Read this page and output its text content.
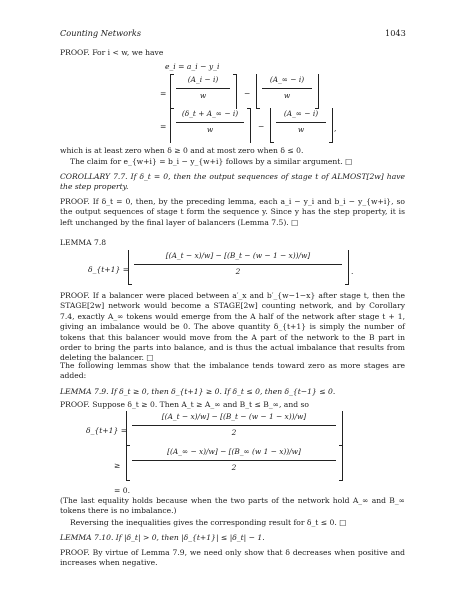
Counting Networks	1043
PROOF. For i < w, we have
e_i = a_i − y_i
=
(A_i − i)
w	−
(A_∞ − i)
w
=
(δ_t + A_∞ − i)
w	−
(A_∞ − i)
w	,
which is at least zero when δ ≥ 0 and at most zero when δ ≤ 0.
The claim for e_{w+i} = b_i − y_{w+i} follows by a similar argument. □
COROLLARY 7.7. If δ_t = 0, then the output sequences of stage t of ALMOST[2w] have the step property.
PROOF. If δ_t = 0, then, by the preceding lemma, each a_i − y_i and b_i − y_{w+i}, so the output sequences of stage t form the sequence y. Since y has the step property, it is left unchanged by the final layer of balancers (Lemma 7.5). □
LEMMA 7.8
δ_{t+1} =
[(A_t − x)/w] − [(B_t − (w − 1 − x))/w]
2	.
PROOF. If a balancer were placed between a′_x and b′_{w−1−x} after stage t, then the STAGE[2w] network would become a STAGE[2w] counting network, and by Corollary 7.4, exactly A_∞ tokens would emerge from the A half of the network after stage t + 1, giving an imbalance would be 0. The above quantity δ_{t+1} is simply the number of tokens that this balancer would move from the A part of the network to the B part in order to bring the parts into balance, and is thus the actual imbalance that results from deleting the balancer. □
The following lemmas show that the imbalance tends toward zero as more stages are added:
LEMMA 7.9. If δ_t ≥ 0, then δ_{t+1} ≥ 0. If δ_t ≤ 0, then δ_{t−1} ≤ 0.
PROOF. Suppose δ_t ≥ 0. Then A_t ≥ A_∞ and B_t ≤ B_∞, and so
δ_{t+1} =
[(A_t − x)/w] − [(B_t − (w − 1 − x))/w]
2
≥
[(A_∞ − x)/w] − [(B_∞ (w 1 − x))/w]
2
= 0.
(The last equality holds because when the two parts of the network hold A_∞ and B_∞ tokens there is no imbalance.)
Reversing the inequalities gives the corresponding result for δ_t ≤ 0. □
LEMMA 7.10. If |δ_t| > 0, then |δ_{t+1}| ≤ |δ_t| − 1.
PROOF. By virtue of Lemma 7.9, we need only show that δ decreases when positive and increases when negative.
